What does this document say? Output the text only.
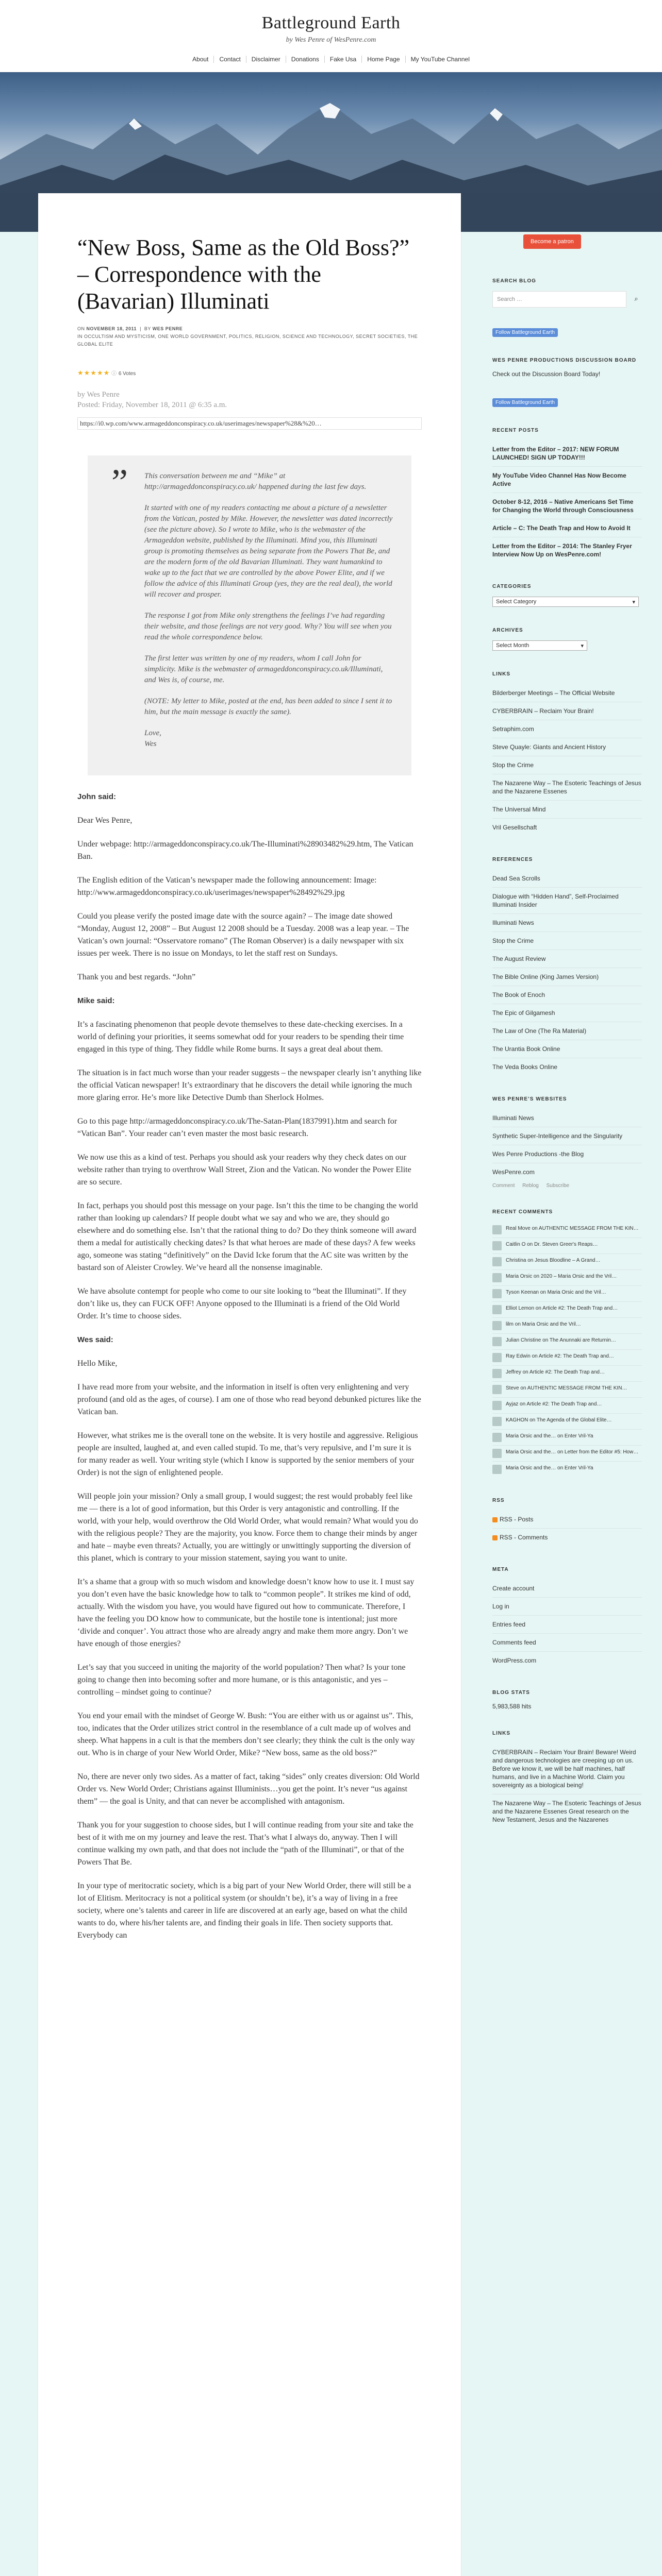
Battleground Earth
by Wes Penre of WesPenre.com
About Contact Disclaimer Donations Fake Usa Home Page My YouTube Channel
Become a patron
“New Boss, Same as the Old Boss?” – Correspondence with the (Bavarian) Illuminati
ON NOVEMBER 18, 2011  |  BY WES PENRE
IN OCCULTISM AND MYSTICISM, ONE WORLD GOVERNMENT, POLITICS, RELIGION, SCIENCE AND TECHNOLOGY, SECRET SOCIETIES, THE GLOBAL ELITE
★★★★★ ⓘ 6 Votes
by Wes Penre
Posted: Friday, November 18, 2011 @ 6:35 a.m.
https://i0.wp.com/www.armageddonconspiracy.co.uk/userimages/newspaper%28&%20…
” This conversation between me and “Mike” at http://armageddonconspiracy.co.uk/ happened during the last few days.

It started with one of my readers contacting me about a picture of a newsletter from the Vatican, posted by Mike. However, the newsletter was dated incorrectly (see the picture above). So I wrote to Mike, who is the webmaster of the Armageddon website, published by the Illuminati. Mind you, this Illuminati group is promoting themselves as being separate from the Powers That Be, and are the modern form of the old Bavarian Illuminati. They want humankind to wake up to the fact that we are controlled by the above Power Elite, and if we follow the advice of this Illuminati Group (yes, they are the real deal), the world will recover and prosper.

The response I got from Mike only strengthens the feelings I’ve had regarding their website, and those feelings are not very good. Why? You will see when you read the whole correspondence below.

The first letter was written by one of my readers, whom I call John for simplicity. Mike is the webmaster of armageddonconspiracy.co.uk/Illuminati, and Wes is, of course, me.

(NOTE: My letter to Mike, posted at the end, has been added to since I sent it to him, but the main message is exactly the same).

Love,
Wes

John said:

Dear Wes Penre,

Under webpage: http://armageddonconspiracy.co.uk/The-Illuminati%28903482%29.htm, The Vatican Ban.

The English edition of the Vatican’s newspaper made the following announcement: Image: http://www.armageddonconspiracy.co.uk/userimages/newspaper%28492%29.jpg

Could you please verify the posted image date with the source again? – The image date showed “Monday, August 12, 2008” – But August 12 2008 should be a Tuesday. 2008 was a leap year. – The Vatican’s own journal: “Osservatore romano” (The Roman Observer) is a daily newspaper with six issues per week. There is no issue on Mondays, to let the staff rest on Sundays.

Thank you and best regards. “John”

Mike said:

It’s a fascinating phenomenon that people devote themselves to these date-checking exercises. In a world of defining your priorities, it seems somewhat odd for your readers to be spending their time engaged in this type of thing. They fiddle while Rome burns. It says a great deal about them.

The situation is in fact much worse than your reader suggests – the newspaper clearly isn’t anything like the official Vatican newspaper! It’s extraordinary that he discovers the detail while ignoring the much more glaring error. He’s more like Detective Dumb than Sherlock Holmes.

Go to this page http://armageddonconspiracy.co.uk/The-Satan-Plan(1837991).htm and search for “Vatican Ban”. Your reader can’t even master the most basic research.

We now use this as a kind of test. Perhaps you should ask your readers why they check dates on our website rather than trying to overthrow Wall Street, Zion and the Vatican. No wonder the Power Elite are so secure.

In fact, perhaps you should post this message on your page. Isn’t this the time to be changing the world rather than looking up calendars? If people doubt what we say and who we are, they should go elsewhere and do something else. Isn’t that the rational thing to do? Do they think someone will award them a medal for autistically checking dates? Is that what heroes are made of these days? A few weeks ago, someone was stating “definitively” on the David Icke forum that the AC site was written by the bastard son of Aleister Crowley. We’ve heard all the nonsense imaginable.

We have absolute contempt for people who come to our site looking to “beat the Illuminati”. If they don’t like us, they can FUCK OFF! Anyone opposed to the Illuminati is a friend of the Old World Order. It’s time to choose sides.

Wes said:

Hello Mike,

I have read more from your website, and the information in itself is often very enlightening and very profound (and old as the ages, of course). I am one of those who read beyond debunked pictures like the Vatican ban.

However, what strikes me is the overall tone on the website. It is very hostile and aggressive. Religious people are insulted, laughed at, and even called stupid. To me, that’s very repulsive, and I’m sure it is for many reader as well. Your writing style (which I know is supported by the senior members of your Order) is not the sign of enlightened people.

Will people join your mission? Only a small group, I would suggest; the rest would probably feel like me — there is a lot of good information, but this Order is very antagonistic and controlling. If the world, with your help, would overthrow the Old World Order, what would remain? What would you do with the religious people? They are the majority, you know. Force them to change their minds by anger and hate – maybe even threats? Actually, you are wittingly or unwittingly supporting the diversion of this planet, which is contrary to your mission statement, saying you want to unite.

It’s a shame that a group with so much wisdom and knowledge doesn’t know how to use it. I must say you don’t even have the basic knowledge how to talk to “common people”. It strikes me kind of odd, actually. With the wisdom you have, you would have figured out how to communicate. Therefore, I have the feeling you DO know how to communicate, but the hostile tone is intentional; just more ‘divide and conquer’. You attract those who are already angry and make them more angry. Don’t we have enough of those energies?

Let’s say that you succeed in uniting the majority of the world population? Then what? Is your tone going to change then into becoming softer and more humane, or is this antagonistic, and yes – controlling – mindset going to continue?

You end your email with the mindset of George W. Bush: “You are either with us or against us”. This, too, indicates that the Order utilizes strict control in the resemblance of a cult made up of wolves and sheep. What happens in a cult is that the members don’t see clearly; they think the cult is the only way out. Who is in charge of your New World Order, Mike? “New boss, same as the old boss?”

No, there are never only two sides. As a matter of fact, taking “sides” only creates diversion: Old World Order vs. New World Order; Christians against Illuminists…you get the point. It’s never “us against them” — the goal is Unity, and that can never be accomplished with antagonism.

Thank you for your suggestion to choose sides, but I will continue reading from your site and take the best of it with me on my journey and leave the rest. That’s what I always do, anyway. Then I will continue walking my own path, and that does not include the “path of the Illuminati”, or that of the Powers That Be.

In your type of meritocratic society, which is a big part of your New World Order, there will still be a lot of Elitism. Meritocracy is not a political system (or shouldn’t be), it’s a way of living in a free society, where one’s talents and career in life are discovered at an early age, based on what the child wants to do, where his/her talents are, and finding their goals in life. Then society supports that. Everybody can

SEARCH BLOG
Search …	⌕
Follow Battleground Earth
WES PENRE PRODUCTIONS DISCUSSION BOARD
Check out the Discussion Board Today!
Follow Battleground Earth
RECENT POSTS
Letter from the Editor – 2017: NEW FORUM LAUNCHED! SIGN UP TODAY!!!
My YouTube Video Channel Has Now Become Active
October 8-12, 2016 – Native Americans Set Time for Changing the World through Consciousness
Article – C: The Death Trap and How to Avoid It
Letter from the Editor – 2014: The Stanley Fryer Interview Now Up on WesPenre.com!
CATEGORIES
Select Category	▾
ARCHIVES
Select Month	▾
LINKS
Bilderberger Meetings – The Official Website
CYBERBRAIN – Reclaim Your Brain!
Setraphim.com
Steve Quayle: Giants and Ancient History
Stop the Crime
The Nazarene Way – The Esoteric Teachings of Jesus and the Nazarene Essenes
The Universal Mind
Vril Gesellschaft
REFERENCES
Dead Sea Scrolls
Dialogue with “Hidden Hand”, Self-Proclaimed Illuminati Insider
Illuminati News
Stop the Crime
The August Review
The Bible Online (King James Version)
The Book of Enoch
The Epic of Gilgamesh
The Law of One (The Ra Material)
The Urantia Book Online
The Veda Books Online
WES PENRE’S WEBSITES
Illuminati News
Synthetic Super-Intelligence and the Singularity
Wes Penre Productions -the Blog
WesPenre.com
Comment Reblog Subscribe
RECENT COMMENTS
Real Move on AUTHENTIC MESSAGE FROM THE KIN…
Caitlin O on Dr. Steven Greer's Reaps…
Christina on Jesus Bloodline – A Grand…
Maria Orsic on 2020 – Maria Orsic and the Vril…
Tyson Keenan on Maria Orsic and the Vril…
Elliot Lemon on Article #2: The Death Trap and…
lilm on Maria Orsic and the Vril…
Julian Christine on The Anunnaki are Returnin…
Ray Edwin on Article #2: The Death Trap and…
Jeffrey on Article #2: The Death Trap and…
Steve on AUTHENTIC MESSAGE FROM THE KIN…
Ayjaz on Article #2: The Death Trap and…
KAGHON on The Agenda of the Global Elite…
Maria Orsic and the… on Enter Vril-Ya
Maria Orsic and the… on Letter from the Editor #5: How…
Maria Orsic and the… on Enter Vril-Ya
RSS
RSS - Posts
RSS - Comments
META
Create account
Log in
Entries feed
Comments feed
WordPress.com
BLOG STATS
5,983,588 hits
LINKS
CYBERBRAIN – Reclaim Your Brain! Beware! Weird and dangerous technologies are creeping up on us. Before we know it, we will be half machines, half humans, and live in a Machine World. Claim you sovereignty as a biological being!
The Nazarene Way – The Esoteric Teachings of Jesus and the Nazarene Essenes Great research on the New Testament, Jesus and the Nazarenes
